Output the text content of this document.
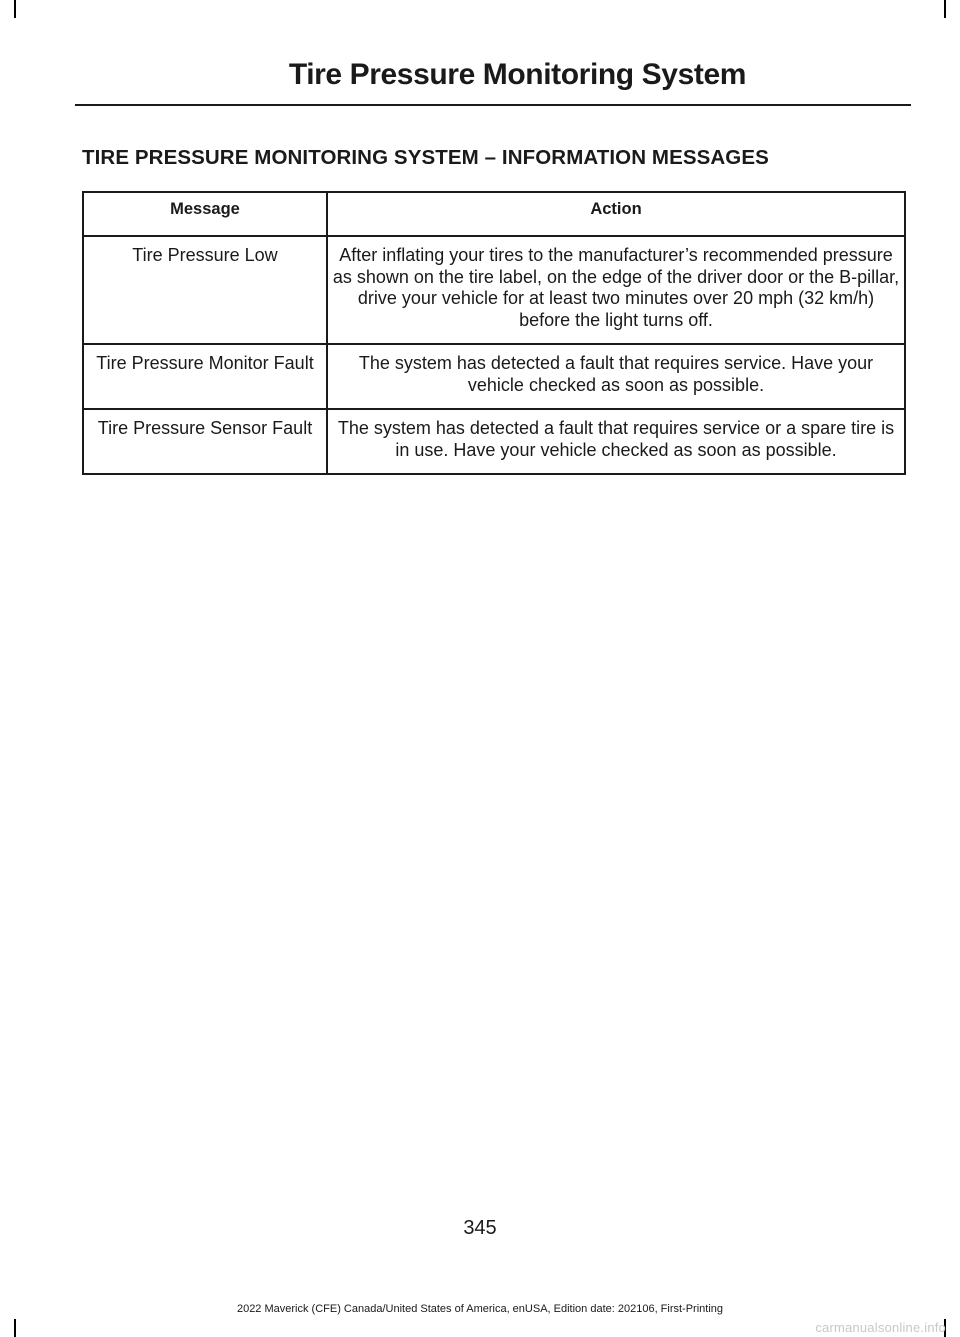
Tire Pressure Monitoring System
TIRE PRESSURE MONITORING SYSTEM – INFORMATION MESSAGES
Message	Action
Tire Pressure Low	After inflating your tires to the manufacturer’s recommended pressure as shown on the tire label, on the edge of the driver door or the B-pillar, drive your vehicle for at least two minutes over 20 mph (32 km/h) before the light turns off.
Tire Pressure Monitor Fault	The system has detected a fault that requires service. Have your vehicle checked as soon as possible.
Tire Pressure Sensor Fault	The system has detected a fault that requires service or a spare tire is in use. Have your vehicle checked as soon as possible.
345
2022 Maverick (CFE) Canada/United States of America, enUSA, Edition date: 202106, First-Printing
carmanualsonline.info
